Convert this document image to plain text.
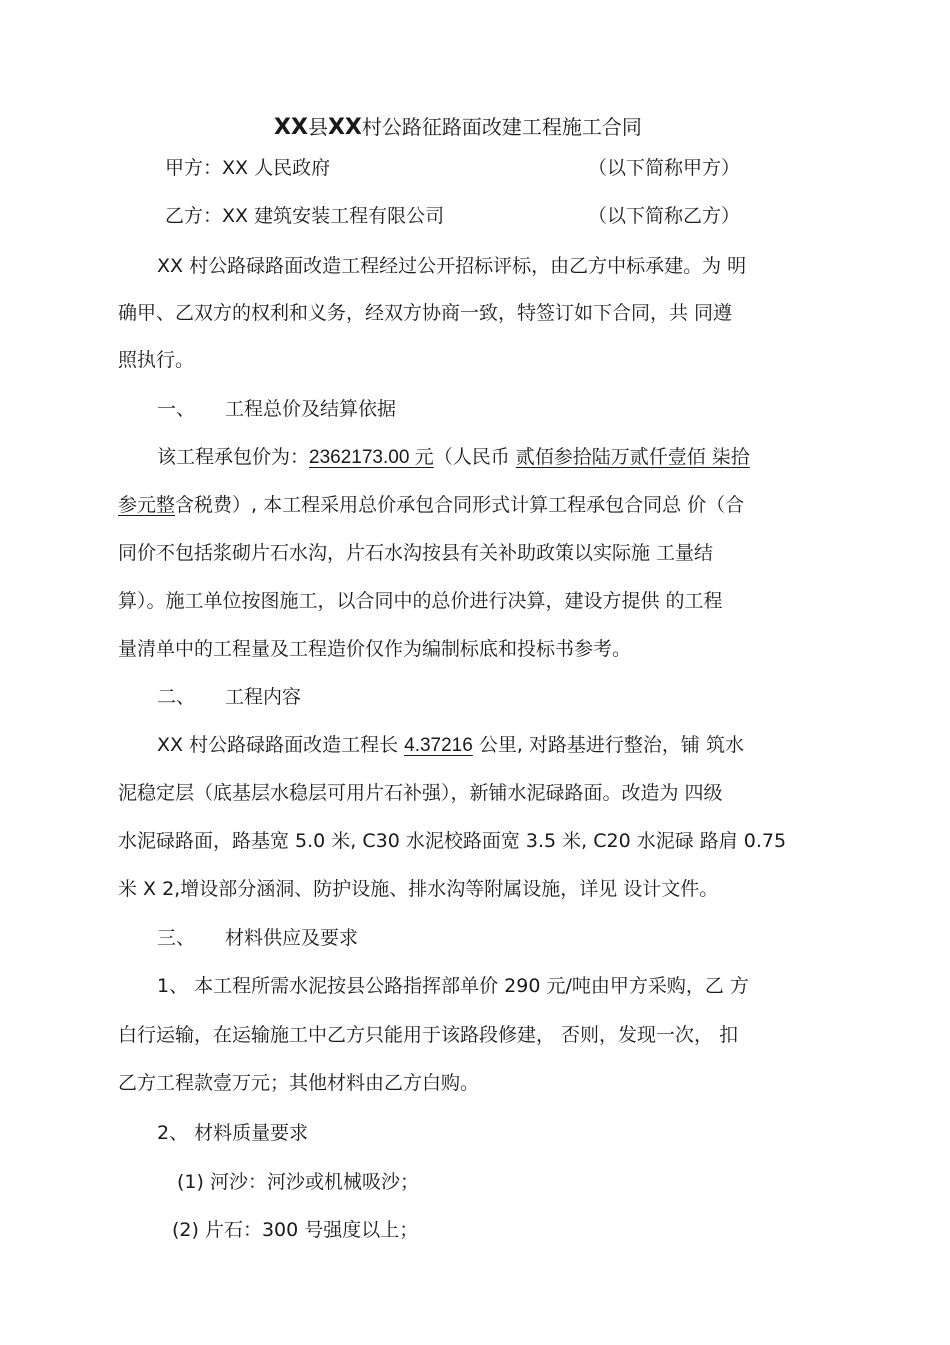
XX县XX村公路征路面改建工程施工合同
甲方：XX 人民政府	（以下简称甲方）
乙方：XX 建筑安装工程有限公司	（以下简称乙方）
XX 村公路碌路面改造工程经过公开招标评标，由乙方中标承建。为 明
确甲、乙双方的权利和义务，经双方协商一致，特签订如下合同，共 同遵
照执行。
一、 工程总价及结算依据
该工程承包价为：2362173.00 元（人民币 贰佰参拾陆万贰仟壹佰 柒拾
参元整含税费）, 本工程采用总价承包合同形式计算工程承包合同总 价（合
同价不包括浆砌片石水沟，片石水沟按县有关补助政策以实际施 工量结
算）。施工单位按图施工，以合同中的总价进行决算，建设方提供 的工程
量清单中的工程量及工程造价仅作为编制标底和投标书参考。
二、 工程内容
XX 村公路碌路面改造工程长 4.37216 公里, 对路基进行整治，铺 筑水
泥稳定层（底基层水稳层可用片石补强），新铺水泥碌路面。改造为 四级
水泥碌路面，路基宽 5.0 米, C30 水泥校路面宽 3.5 米, C20 水泥碌 路肩 0.75
米 X 2,增设部分涵洞、防护设施、排水沟等附属设施，详见 设计文件。
三、 材料供应及要求
1、 本工程所需水泥按县公路指挥部单价 290 元/吨由甲方采购，乙 方
白行运输，在运输施工中乙方只能用于该路段修建， 否则，发现一次， 扣
乙方工程款壹万元；其他材料由乙方白购。
2、 材料质量要求
(1) 河沙：河沙或机械吸沙；
(2) 片石：300 号强度以上；
